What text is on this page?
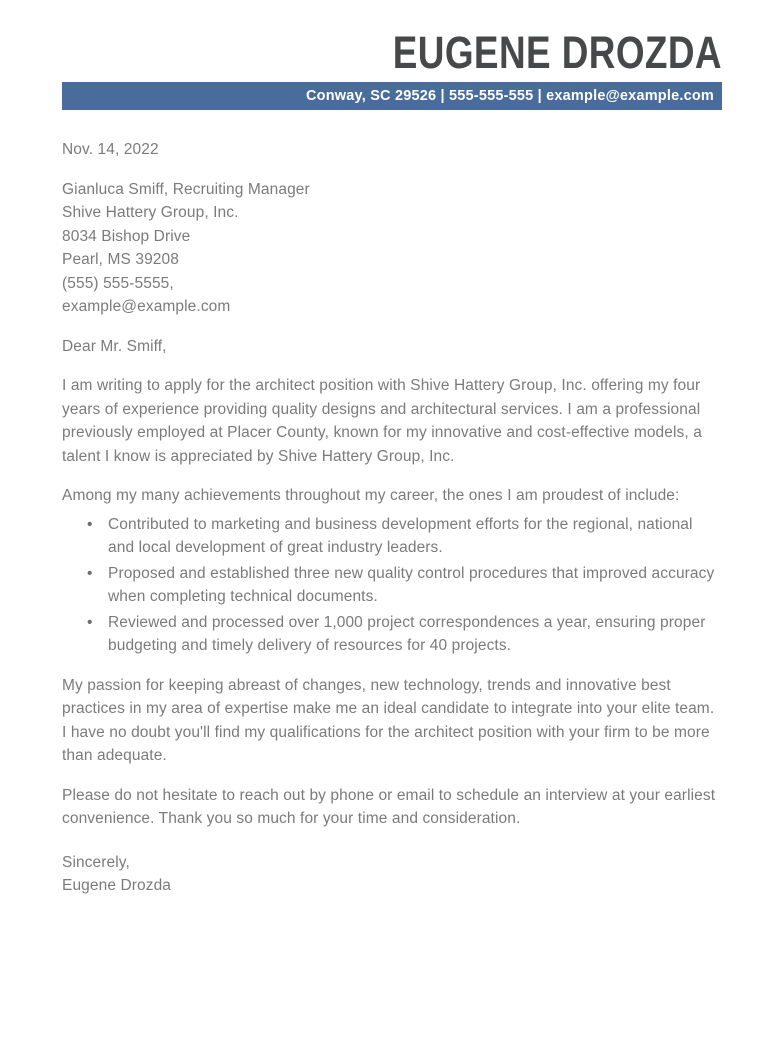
EUGENE DROZDA
Conway, SC 29526 | 555-555-555 | example@example.com

Nov. 14, 2022

Gianluca Smiff, Recruiting Manager

Shive Hattery Group, Inc.

8034 Bishop Drive

Pearl, MS 39208

(555) 555-5555,

example@example.com

Dear Mr. Smiff,

I am writing to apply for the architect position with Shive Hattery Group, Inc. offering my four years of experience providing quality designs and architectural services. I am a professional previously employed at Placer County, known for my innovative and cost-effective models, a talent I know is appreciated by Shive Hattery Group, Inc.

Among my many achievements throughout my career, the ones I am proudest of include:

• Contributed to marketing and business development efforts for the regional, national and local development of great industry leaders.
• Proposed and established three new quality control procedures that improved accuracy when completing technical documents.
• Reviewed and processed over 1,000 project correspondences a year, ensuring proper budgeting and timely delivery of resources for 40 projects.

My passion for keeping abreast of changes, new technology, trends and innovative best practices in my area of expertise make me an ideal candidate to integrate into your elite team. I have no doubt you'll find my qualifications for the architect position with your firm to be more than adequate.

Please do not hesitate to reach out by phone or email to schedule an interview at your earliest convenience. Thank you so much for your time and consideration.

Sincerely,

Eugene Drozda
